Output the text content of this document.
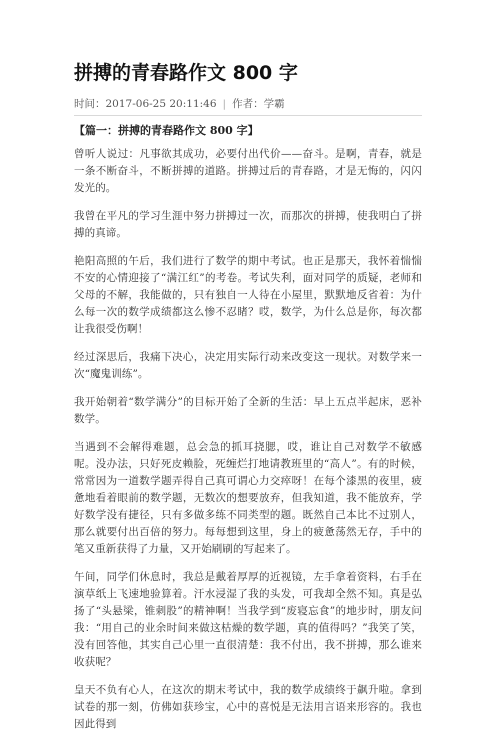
拼搏的青春路作文 800 字
时间：2017-06-25 20:11:46 | 作者：学霸
【篇一：拼搏的青春路作文 800 字】

曾听人说过：凡事欲其成功，必要付出代价——奋斗。是啊，青春，就是一条不断奋斗，不断拼搏的道路。拼搏过后的青春路，才是无悔的，闪闪发光的。

我曾在平凡的学习生涯中努力拼搏过一次，而那次的拼搏，使我明白了拼搏的真谛。

艳阳高照的午后，我们进行了数学的期中考试。也正是那天，我怀着惴惴不安的心情迎接了“满江红”的考卷。考试失利，面对同学的质疑，老师和父母的不解，我能做的，只有独自一人待在小屋里，默默地反省着：为什么每一次的数学成绩都这么惨不忍睹？哎，数学，为什么总是你，每次都让我很受伤啊！

经过深思后，我痛下决心，决定用实际行动来改变这一现状。对数学来一次“魔鬼训练”。

我开始朝着“数学满分”的目标开始了全新的生活：早上五点半起床，恶补数学。

当遇到不会解得难题，总会急的抓耳挠腮，哎，谁让自己对数学不敏感呢。没办法，只好死皮赖脸，死缠烂打地请教班里的“高人”。有的时候，常常因为一道数学题弄得自己真可谓心力交瘁呀！在每个漆黑的夜里，疲惫地看着眼前的数学题，无数次的想要放弃，但我知道，我不能放弃，学好数学没有捷径，只有多做多练不同类型的题。既然自己本比不过别人，那么就要付出百倍的努力。每每想到这里，身上的疲惫荡然无存，手中的笔又重新获得了力量，又开始刷刷的写起来了。

午间，同学们休息时，我总是戴着厚厚的近视镜，左手拿着资料，右手在演草纸上飞速地验算着。汗水浸湿了我的头发，可我却全然不知。真是弘扬了“头悬梁，锥刺股”的精神啊！当我学到“废寝忘食”的地步时，朋友问我：“用自己的业余时间来做这枯燥的数学题，真的值得吗？”我笑了笑，没有回答他，其实自己心里一直很清楚：我不付出，我不拼搏，那么谁来收获呢？

皇天不负有心人，在这次的期末考试中，我的数学成绩终于飙升啦。拿到试卷的那一刻，仿佛如获珍宝，心中的喜悦是无法用言语来形容的。我也因此得到
